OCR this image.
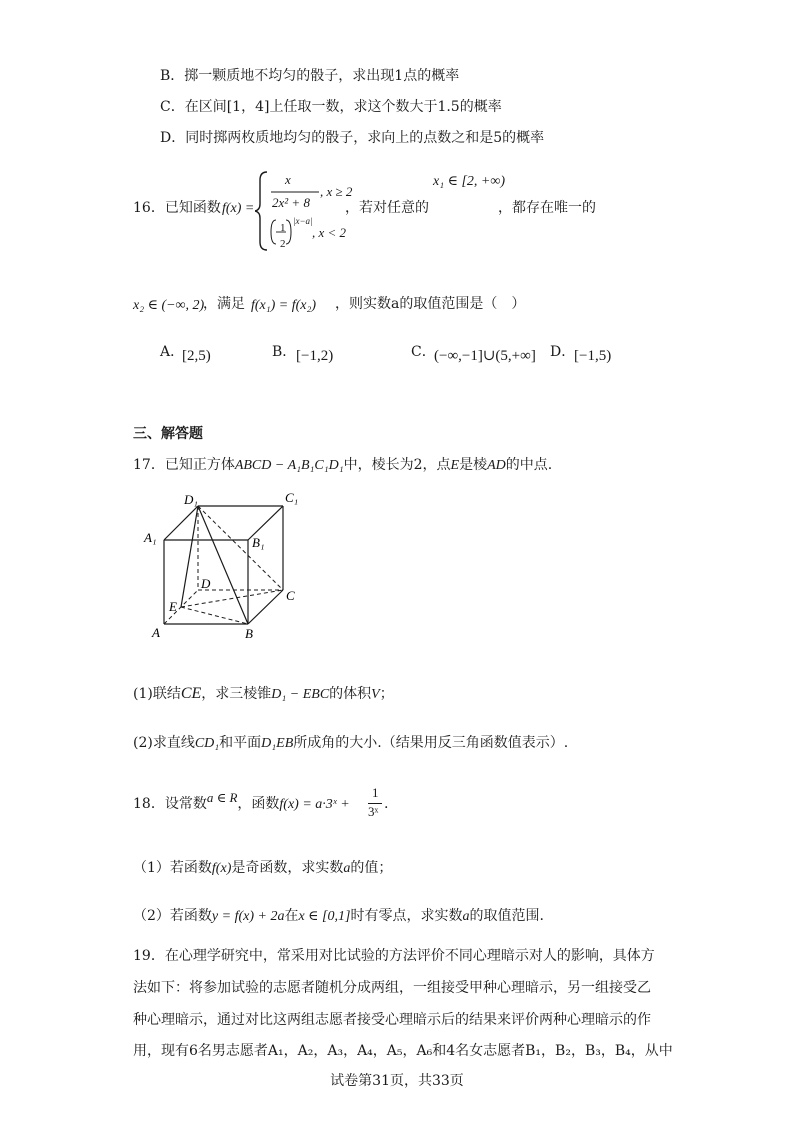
B．掷一颗质地不均匀的骰子，求出现1点的概率
C．在区间[1，4]上任取一数，求这个数大于1.5的概率
D．同时掷两枚质地均匀的骰子，求向上的点数之和是5的概率
16．已知函数 f(x) =
x
2x² + 8
, x ≥ 2
1
2
|x−a|
, x < 2
，若对任意的
x₁ ∈ [2, +∞)
，都存在唯一的
x₂ ∈ (−∞, 2)
，满足 f(x₁) = f(x₂) ，则实数a的取值范围是（　）
A．
[2,5)	B． [−1,2)	C．
(−∞,−1]∪(5,+∞] D．
[−1,5)
三、解答题
17．已知正方体ABCD − A₁B₁C₁D₁中，棱长为2，点E是棱AD的中点.
D₁	C₁
A₁	B₁
D
C
E
A	B
(1)联结CE，求三棱锥D₁ − EBC的体积V；
(2)求直线CD₁和平面D₁EB所成角的大小.（结果用反三角函数值表示）.
18．设常数a ∈ R，函数f(x) = a·3ˣ +
1
3ˣ .
（1）若函数f(x)是奇函数，求实数a的值；
（2）若函数y = f(x) + 2a在x ∈ [0,1]时有零点，求实数a的取值范围.
19．在心理学研究中，常采用对比试验的方法评价不同心理暗示对人的影响，具体方
法如下：将参加试验的志愿者随机分成两组，一组接受甲种心理暗示，另一组接受乙
种心理暗示，通过对比这两组志愿者接受心理暗示后的结果来评价两种心理暗示的作
用，现有6名男志愿者A₁，A₂，A₃，A₄，A₅，A₆和4名女志愿者B₁，B₂，B₃，B₄，从中
试卷第31页，共33页
